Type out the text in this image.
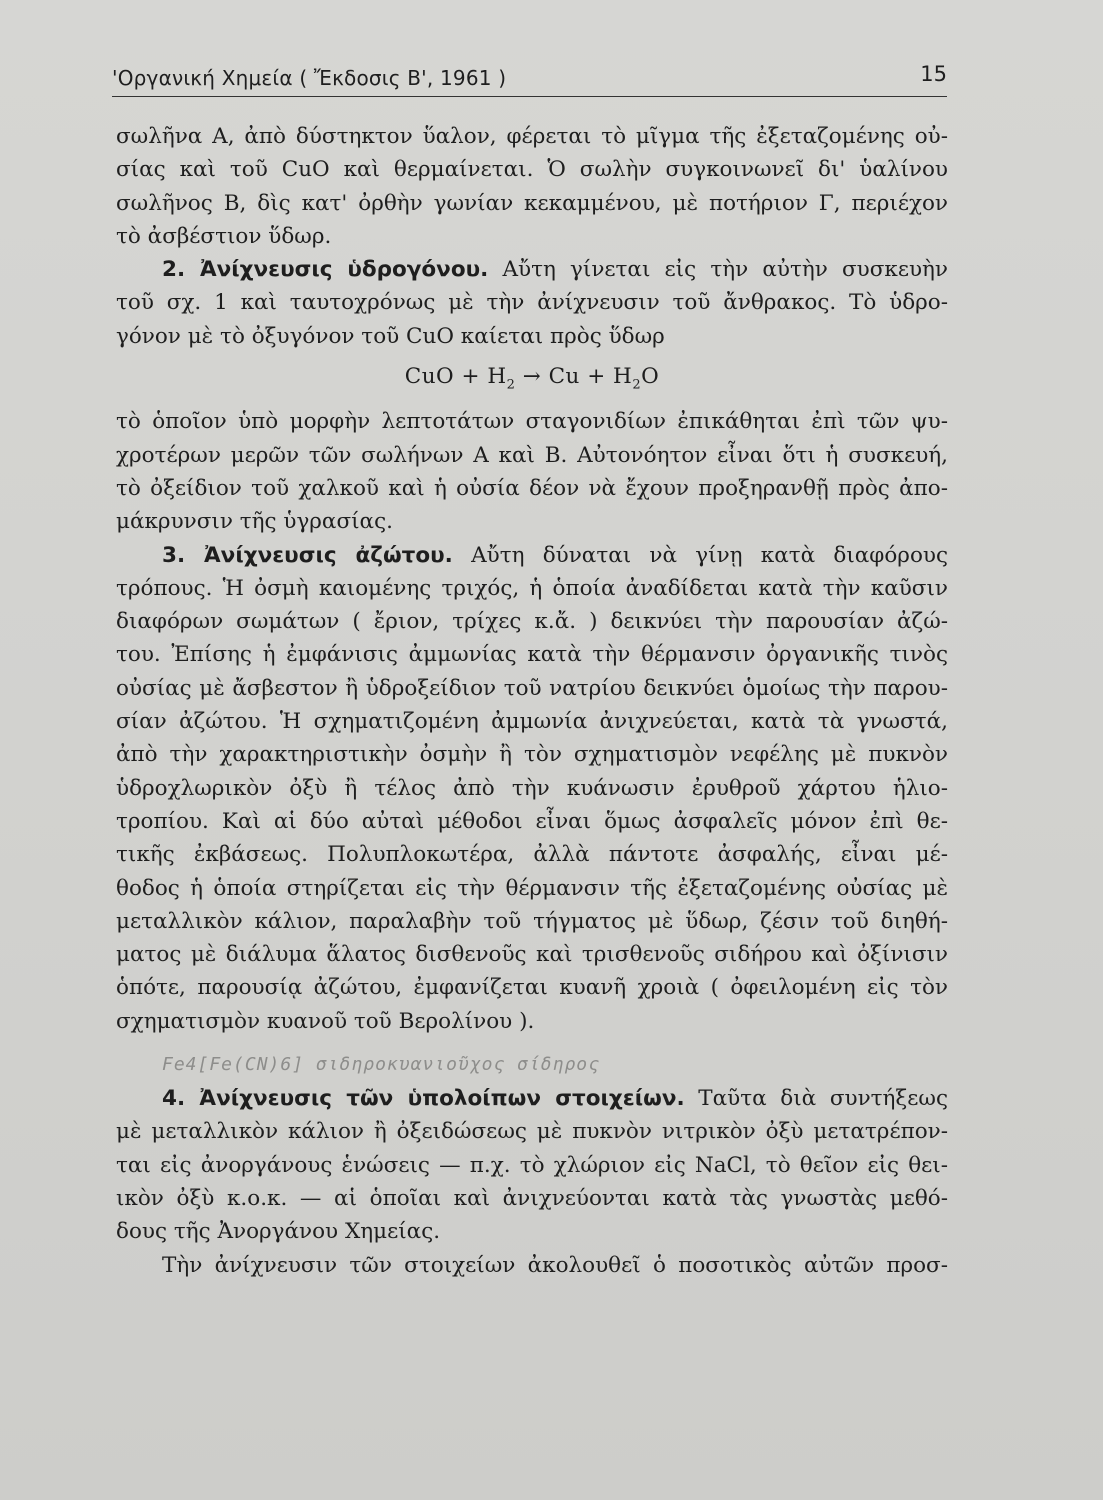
'Οργανική Χημεία ( Ἔκδοσις Β', 1961 )	15

σωλῆνα Α, ἀπὸ δύστηκτον ὕαλον, φέρεται τὸ μῖγμα τῆς ἐξεταζομένης οὐ-
σίας καὶ τοῦ CuO καὶ θερμαίνεται. Ὁ σωλὴν συγκοινωνεῖ δι' ὑαλίνου
σωλῆνος Β, δὶς κατ' ὀρθὴν γωνίαν κεκαμμένου, μὲ ποτήριον Γ, περιέχον
τὸ ἀσβέστιον ὕδωρ.

2. Ἀνίχνευσις ὑδρογόνου. Αὔτη γίνεται εἰς τὴν αὐτὴν συσκευὴν
τοῦ σχ. 1 καὶ ταυτοχρόνως μὲ τὴν ἀνίχνευσιν τοῦ ἄνθρακος. Τὸ ὑδρο-
γόνον μὲ τὸ ὀξυγόνον τοῦ CuO καίεται πρὸς ὕδωρ
CuO + $H_2 \to Cu + H_2O$
τὸ ὁποῖον ὑπὸ μορφὴν λεπτοτάτων σταγονιδίων ἐπικάθηται ἐπὶ τῶν ψυ-
χροτέρων μερῶν τῶν σωλήνων Α καὶ Β. Αὐτονόητον εἶναι ὅτι ἡ συσκευή,
τὸ ὀξείδιον τοῦ χαλκοῦ καὶ ἡ οὐσία δέον νὰ ἔχουν προξηρανθῇ πρὸς ἀπο-
μάκρυνσιν τῆς ὑγρασίας.

3. Ἀνίχνευσις ἀζώτου. Αὔτη δύναται νὰ γίνῃ κατὰ διαφόρους
τρόπους. Ἡ ὀσμὴ καιομένης τριχός, ἡ ὁποία ἀναδίδεται κατὰ τὴν καῦσιν
διαφόρων σωμάτων ( ἔριον, τρίχες κ.ἄ. ) δεικνύει τὴν παρουσίαν ἀζώ-
του. Ἐπίσης ἡ ἐμφάνισις ἀμμωνίας κατὰ τὴν θέρμανσιν ὀργανικῆς τινὸς
οὐσίας μὲ ἄσβεστον ἢ ὑδροξείδιον τοῦ νατρίου δεικνύει ὁμοίως τὴν παρου-
σίαν ἀζώτου. Ἡ σχηματιζομένη ἀμμωνία ἀνιχνεύεται, κατὰ τὰ γνωστά,
ἀπὸ τὴν χαρακτηριστικὴν ὀσμὴν ἢ τὸν σχηματισμὸν νεφέλης μὲ πυκνὸν
ὑδροχλωρικὸν ὀξὺ ἢ τέλος ἀπὸ τὴν κυάνωσιν ἐρυθροῦ χάρτου ἡλιο-
τροπίου. Καὶ αἱ δύο αὐταὶ μέθοδοι εἶναι ὅμως ἀσφαλεῖς μόνον ἐπὶ θε-
τικῆς ἐκβάσεως. Πολυπλοκωτέρα, ἀλλὰ πάντοτε ἀσφαλής, εἶναι μέ-
θοδος ἡ ὁποία στηρίζεται εἰς τὴν θέρμανσιν τῆς ἐξεταζομένης οὐσίας μὲ
μεταλλικὸν κάλιον, παραλαβὴν τοῦ τήγματος μὲ ὕδωρ, ζέσιν τοῦ διηθή-
ματος μὲ διάλυμα ἅλατος δισθενοῦς καὶ τρισθενοῦς σιδήρου καὶ ὀξίνισιν
ὁπότε, παρουσίᾳ ἀζώτου, ἐμφανίζεται κυανῆ χροιὰ ( ὀφειλομένη εἰς τὸν
σχηματισμὸν κυανοῦ τοῦ Βερολίνου ).

Fe4[Fe(CN)6] σιδηροκυανιοῦχος σίδηρος

4. Ἀνίχνευσις τῶν ὑπολοίπων στοιχείων. Ταῦτα διὰ συντήξεως
μὲ μεταλλικὸν κάλιον ἢ ὀξειδώσεως μὲ πυκνὸν νιτρικὸν ὀξὺ μετατρέπον-
ται εἰς ἀνοργάνους ἑνώσεις — π.χ. τὸ χλώριον εἰς NaCl, τὸ θεῖον εἰς θει-
ικὸν ὀξὺ κ.ο.κ. — αἱ ὁποῖαι καὶ ἀνιχνεύονται κατὰ τὰς γνωστὰς μεθό-
δους τῆς Ἀνοργάνου Χημείας.

Τὴν ἀνίχνευσιν τῶν στοιχείων ἀκολουθεῖ ὁ ποσοτικὸς αὐτῶν προσ-
